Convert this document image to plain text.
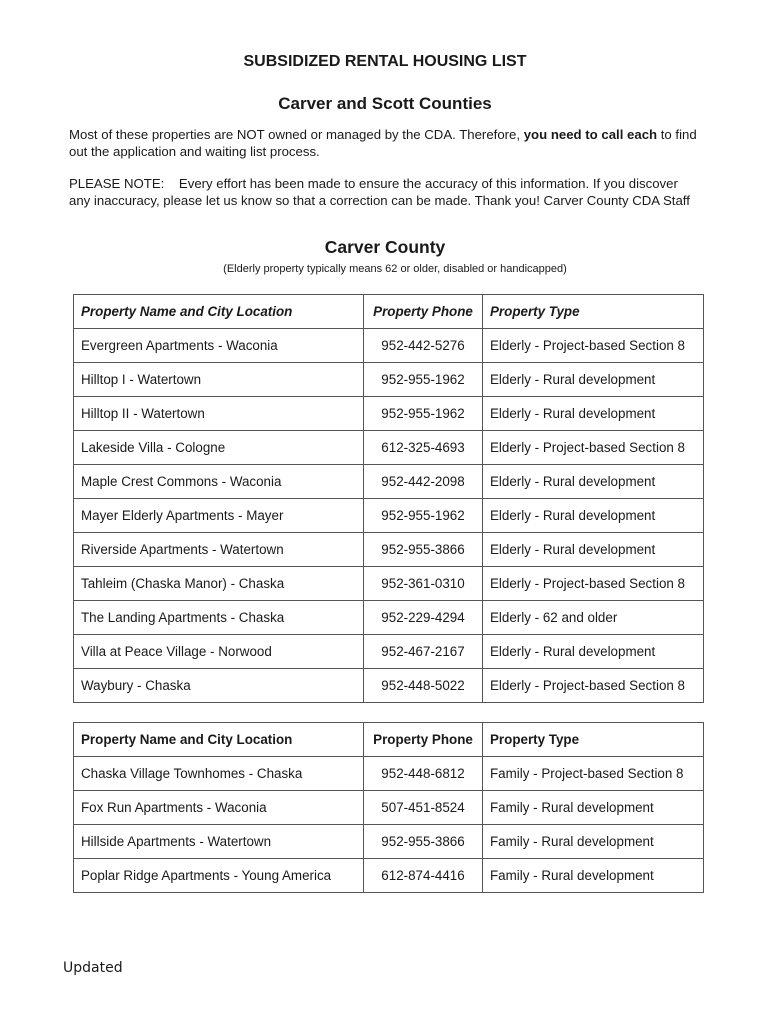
SUBSIDIZED RENTAL HOUSING LIST
Carver and Scott Counties
Most of these properties are NOT owned or managed by the CDA. Therefore, you need to call each to find out the application and waiting list process.
PLEASE NOTE:    Every effort has been made to ensure the accuracy of this information. If you discover any inaccuracy, please let us know so that a correction can be made. Thank you! Carver County CDA Staff
Carver County
(Elderly property typically means 62 or older, disabled or handicapped)
Property Name and City Location	Property Phone	Property Type
Evergreen Apartments - Waconia	952-442-5276	Elderly - Project-based Section 8
Hilltop I - Watertown	952-955-1962	Elderly - Rural development
Hilltop II - Watertown	952-955-1962	Elderly - Rural development
Lakeside Villa - Cologne	612-325-4693	Elderly - Project-based Section 8
Maple Crest Commons - Waconia	952-442-2098	Elderly - Rural development
Mayer Elderly Apartments - Mayer	952-955-1962	Elderly - Rural development
Riverside Apartments - Watertown	952-955-3866	Elderly - Rural development
Tahleim (Chaska Manor) - Chaska	952-361-0310	Elderly - Project-based Section 8
The Landing Apartments - Chaska	952-229-4294	Elderly - 62 and older
Villa at Peace Village - Norwood	952-467-2167	Elderly - Rural development
Waybury - Chaska	952-448-5022	Elderly - Project-based Section 8
Property Name and City Location	Property Phone	Property Type
Chaska Village Townhomes - Chaska	952-448-6812	Family - Project-based Section 8
Fox Run Apartments - Waconia	507-451-8524	Family - Rural development
Hillside Apartments - Watertown	952-955-3866	Family - Rural development
Poplar Ridge Apartments - Young America	612-874-4416	Family - Rural development
Updated
